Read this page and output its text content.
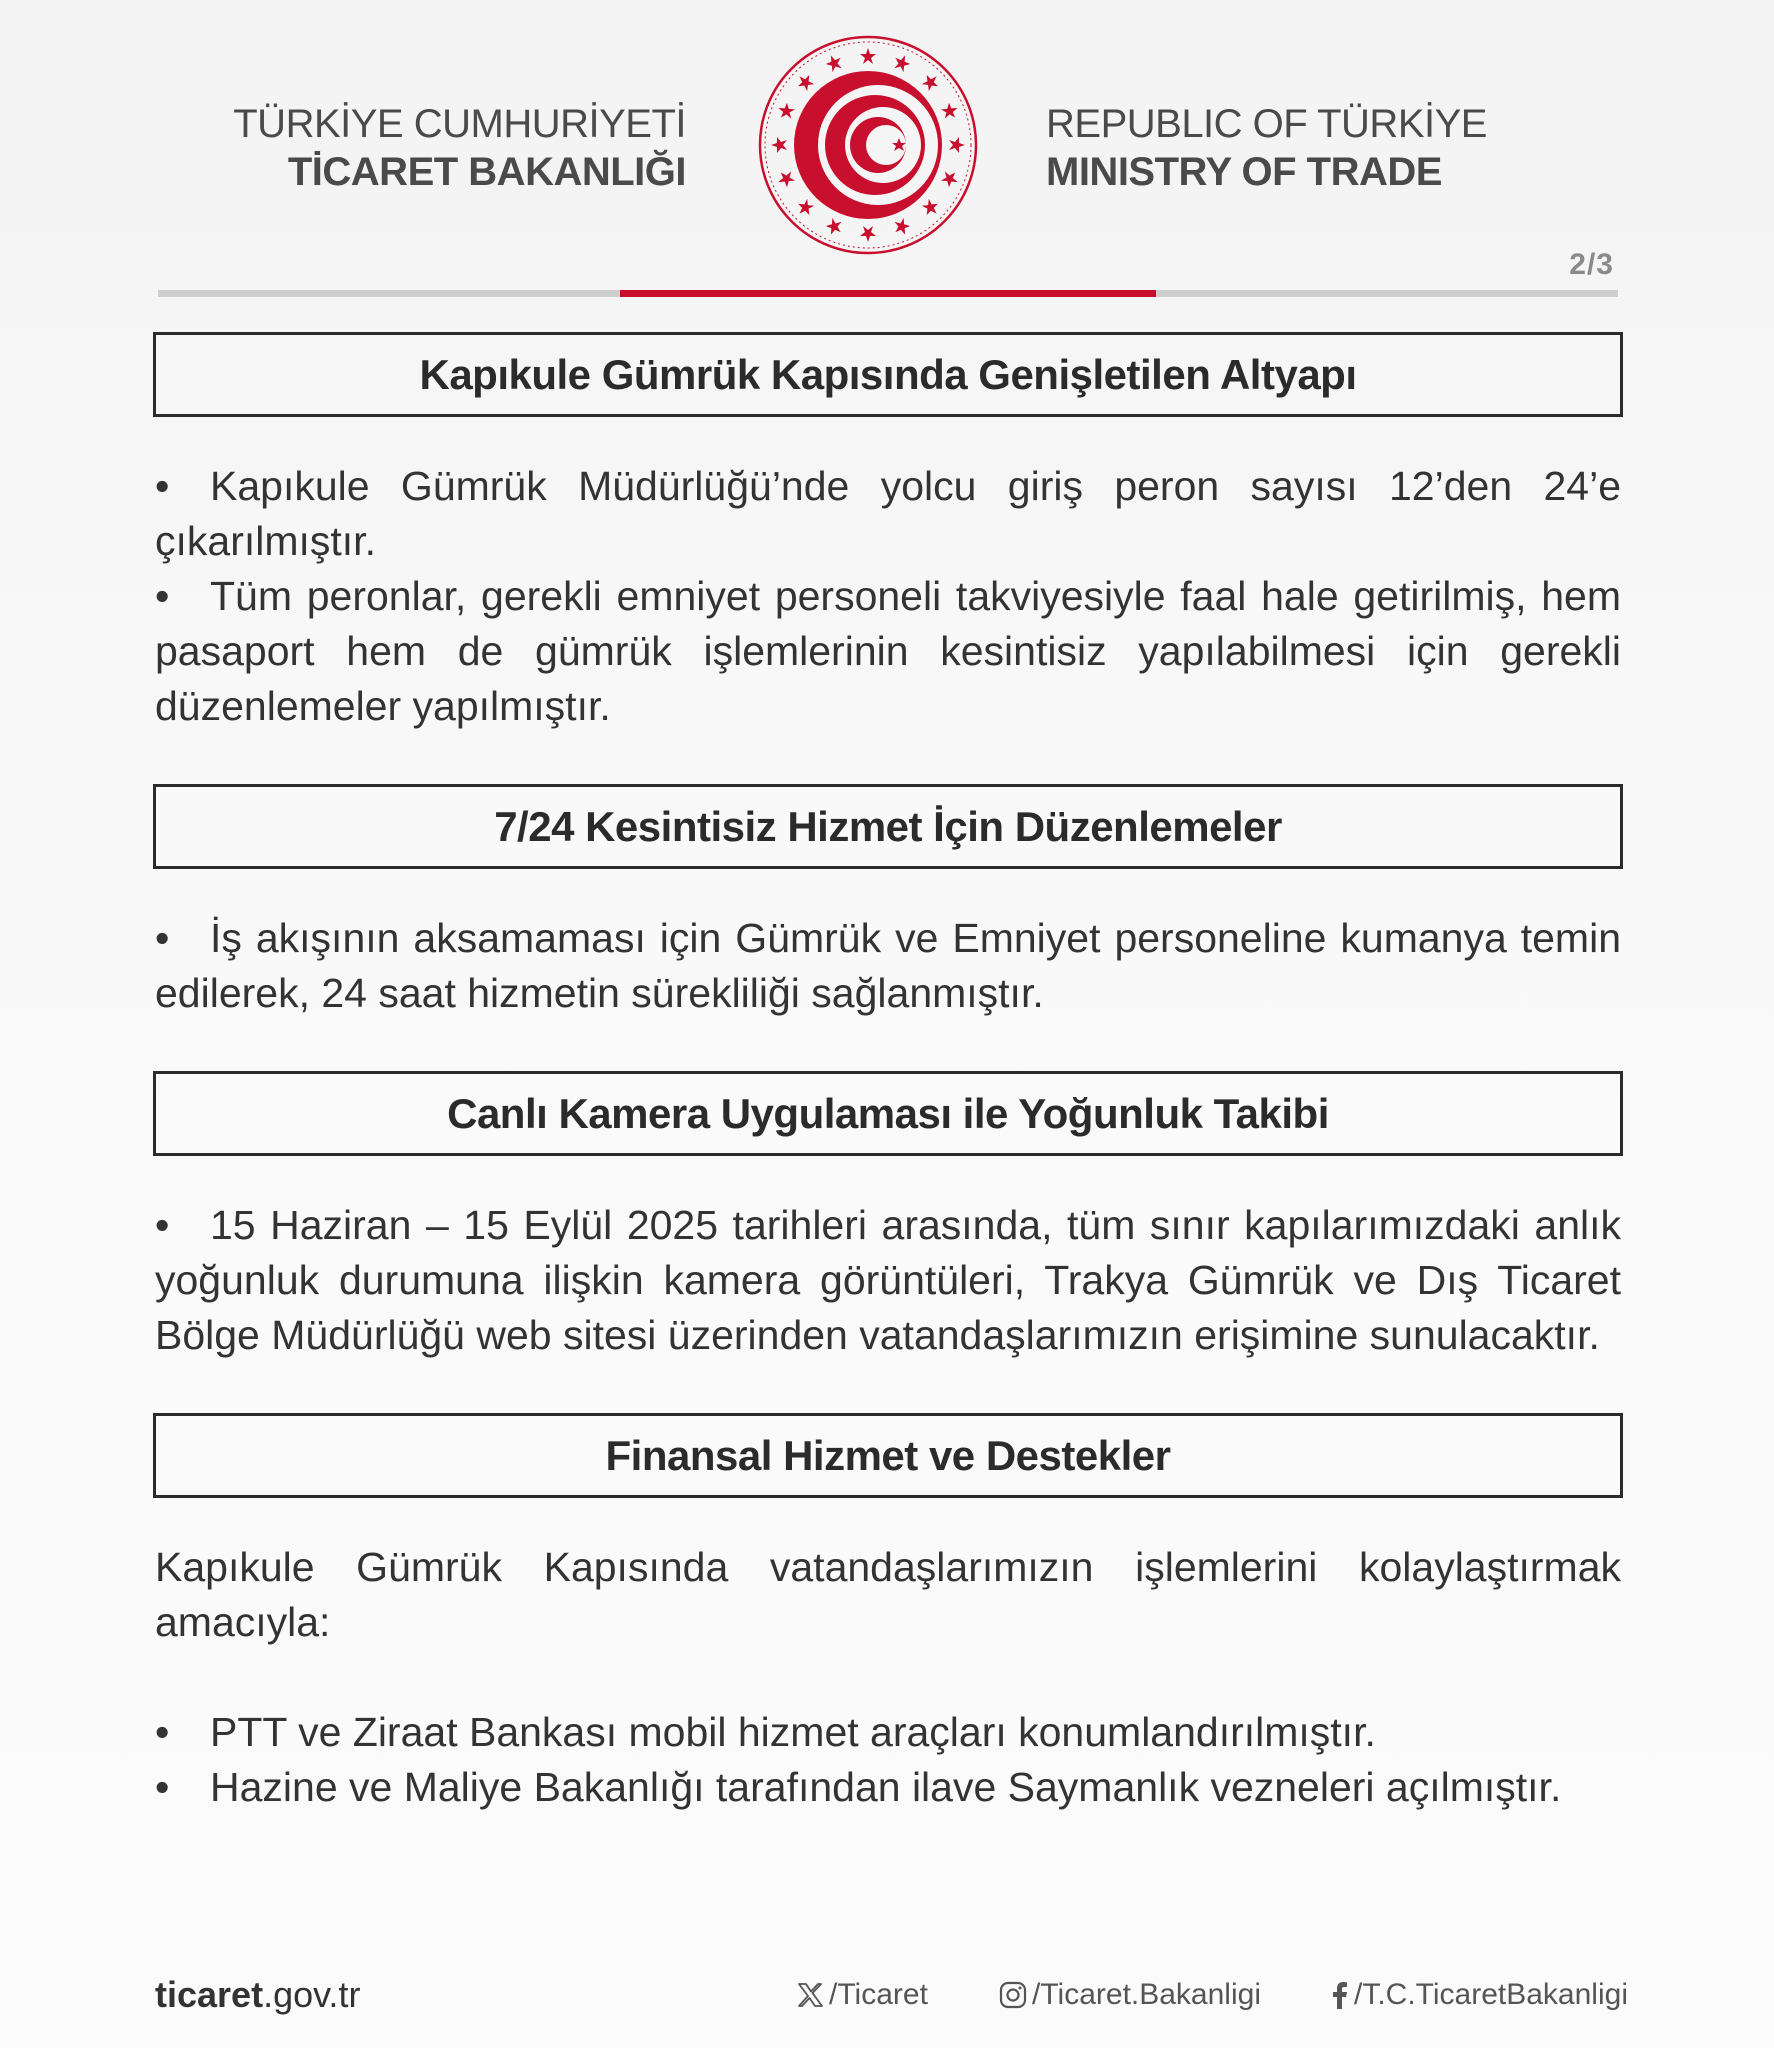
TÜRKİYE CUMHURİYETİ
TİCARET BAKANLIĞI
REPUBLIC OF TÜRKİYE
MINISTRY OF TRADE
2/3
Kapıkule Gümrük Kapısında Genişletilen Altyapı
• Kapıkule Gümrük Müdürlüğü’nde yolcu giriş peron sayısı 12’den 24’e çıkarılmıştır.
• Tüm peronlar, gerekli emniyet personeli takviyesiyle faal hale getirilmiş, hem pasaport hem de gümrük işlemlerinin kesintisiz yapılabilmesi için gerekli düzenlemeler yapılmıştır.
7/24 Kesintisiz Hizmet İçin Düzenlemeler
• İş akışının aksamaması için Gümrük ve Emniyet personeline kumanya temin edilerek, 24 saat hizmetin sürekliliği sağlanmıştır.
Canlı Kamera Uygulaması ile Yoğunluk Takibi
• 15 Haziran – 15 Eylül 2025 tarihleri arasında, tüm sınır kapılarımızdaki anlık yoğunluk durumuna ilişkin kamera görüntüleri, Trakya Gümrük ve Dış Ticaret Bölge Müdürlüğü web sitesi üzerinden vatandaşlarımızın erişimine sunulacaktır.
Finansal Hizmet ve Destekler
Kapıkule Gümrük Kapısında vatandaşlarımızın işlemlerini kolaylaştırmak amacıyla:
• PTT ve Ziraat Bankası mobil hizmet araçları konumlandırılmıştır.
• Hazine ve Maliye Bakanlığı tarafından ilave Saymanlık vezneleri açılmıştır.
ticaret.gov.tr	/Ticaret	/Ticaret.Bakanligi	/T.C.TicaretBakanligi
